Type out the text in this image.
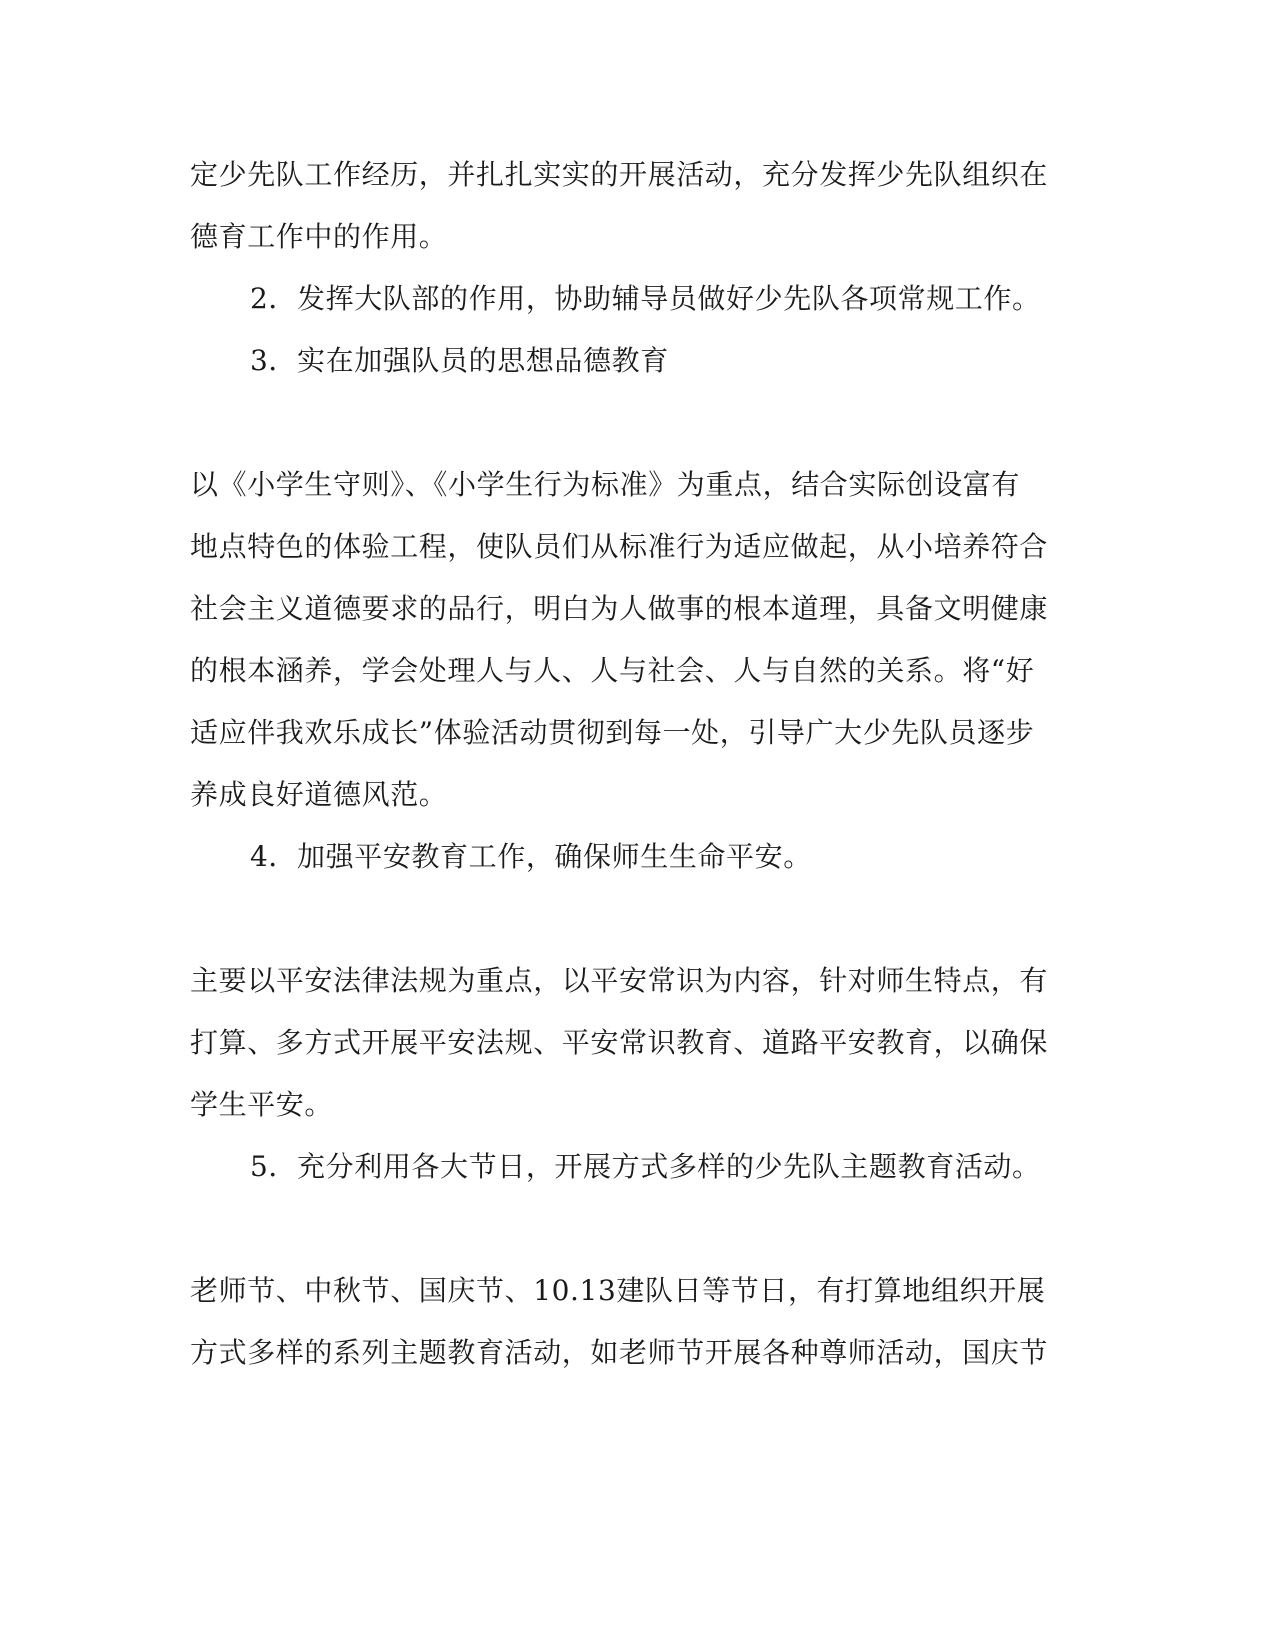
定少先队工作经历，并扎扎实实的开展活动，充分发挥少先队组织在
德育工作中的作用。
2．发挥大队部的作用，协助辅导员做好少先队各项常规工作。
3．实在加强队员的思想品德教育
以《小学生守则》、《小学生行为标准》为重点，结合实际创设富有
地点特色的体验工程，使队员们从标准行为适应做起，从小培养符合
社会主义道德要求的品行，明白为人做事的根本道理，具备文明健康
的根本涵养，学会处理人与人、人与社会、人与自然的关系。将“好
适应伴我欢乐成长”体验活动贯彻到每一处，引导广大少先队员逐步
养成良好道德风范。
4．加强平安教育工作，确保师生生命平安。
主要以平安法律法规为重点，以平安常识为内容，针对师生特点，有
打算、多方式开展平安法规、平安常识教育、道路平安教育，以确保
学生平安。
5．充分利用各大节日，开展方式多样的少先队主题教育活动。
老师节、中秋节、国庆节、10.13建队日等节日，有打算地组织开展
方式多样的系列主题教育活动，如老师节开展各种尊师活动，国庆节
